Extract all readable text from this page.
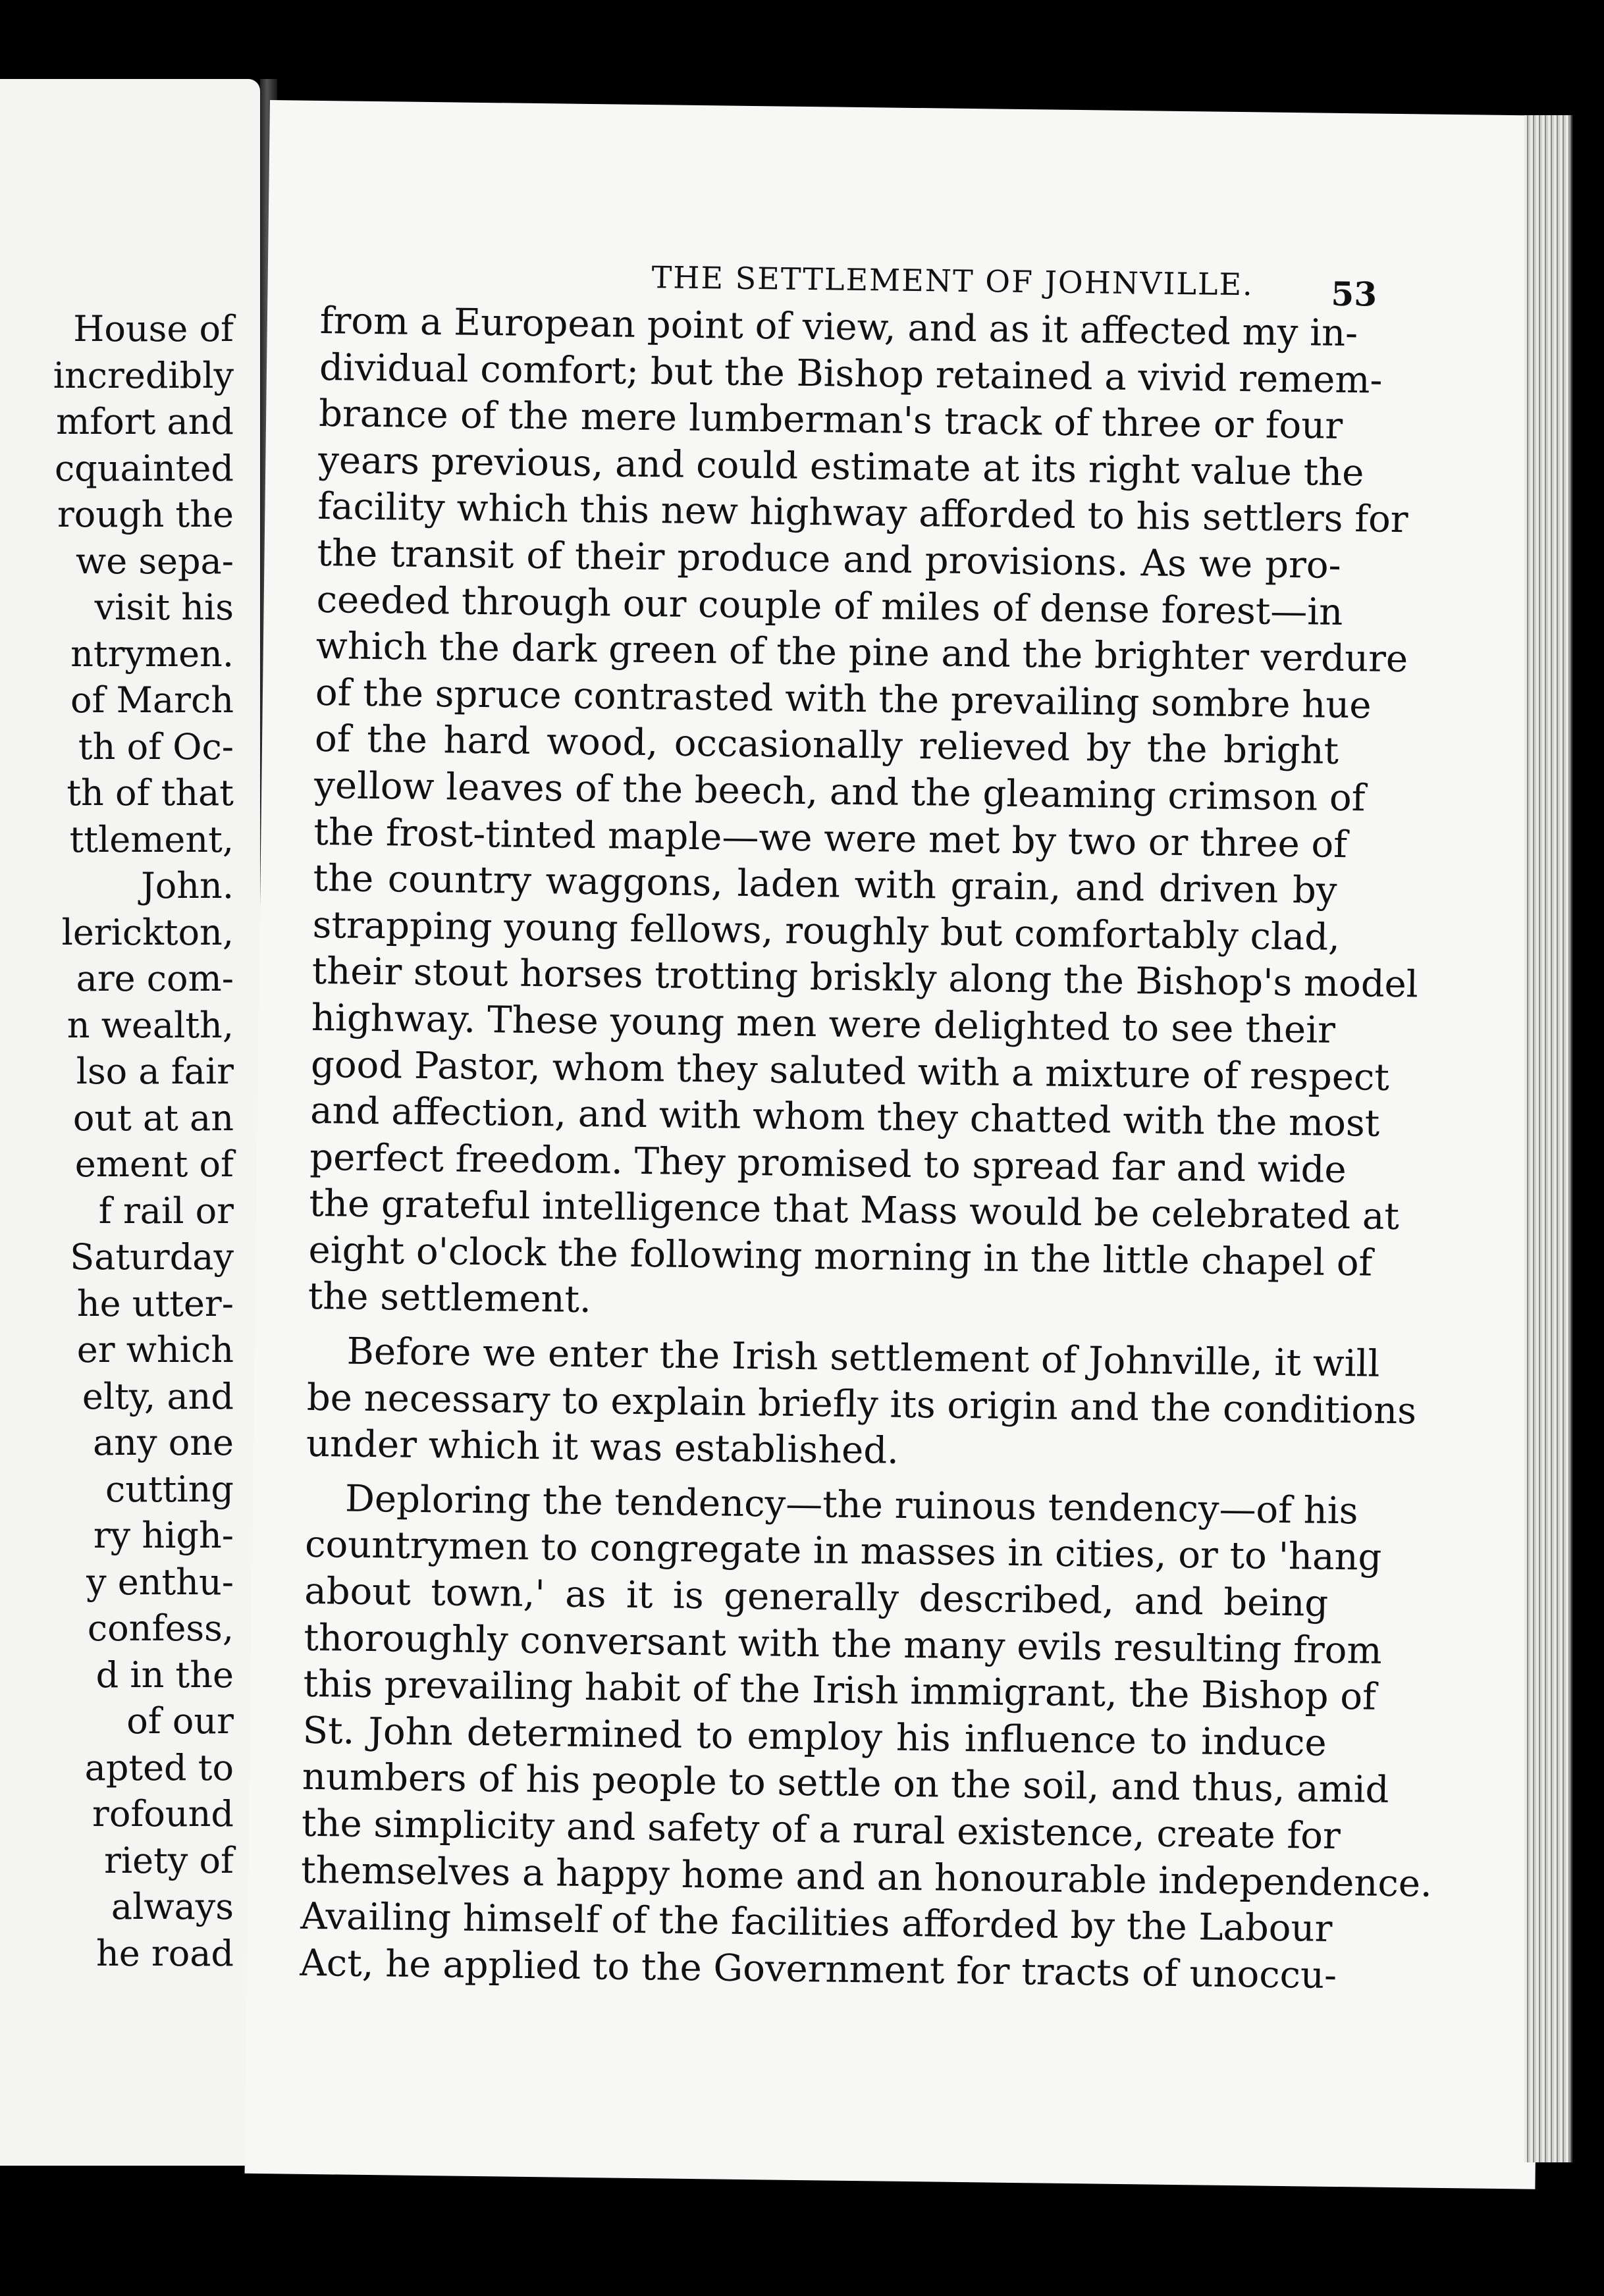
House of
incredibly
mfort and
cquainted
rough the
we sepa-
visit his
ntrymen.
of March
th of Oc-
th of that
ttlement,
John.
lerickton,
are com-
n wealth,
lso a fair
out at an
ement of
f rail or
Saturday
he utter-
er which
elty, and
any one
cutting
ry high-
y enthu-
confess,
d in the
of our
apted to
rofound
riety of
always
he road
THE SETTLEMENT OF JOHNVILLE.	53
from a European point of view, and as it affected my in-
dividual comfort; but the Bishop retained a vivid remem-
brance of the mere lumberman's track of three or four
years previous, and could estimate at its right value the
facility which this new highway afforded to his settlers for
the transit of their produce and provisions. As we pro-
ceeded through our couple of miles of dense forest—in
which the dark green of the pine and the brighter verdure
of the spruce contrasted with the prevailing sombre hue
of the hard wood, occasionally relieved by the bright
yellow leaves of the beech, and the gleaming crimson of
the frost-tinted maple—we were met by two or three of
the country waggons, laden with grain, and driven by
strapping young fellows, roughly but comfortably clad,
their stout horses trotting briskly along the Bishop's model
highway. These young men were delighted to see their
good Pastor, whom they saluted with a mixture of respect
and affection, and with whom they chatted with the most
perfect freedom. They promised to spread far and wide
the grateful intelligence that Mass would be celebrated at
eight o'clock the following morning in the little chapel of
the settlement.
Before we enter the Irish settlement of Johnville, it will
be necessary to explain briefly its origin and the conditions
under which it was established.
Deploring the tendency—the ruinous tendency—of his
countrymen to congregate in masses in cities, or to 'hang
about town,' as it is generally described, and being
thoroughly conversant with the many evils resulting from
this prevailing habit of the Irish immigrant, the Bishop of
St. John determined to employ his influence to induce
numbers of his people to settle on the soil, and thus, amid
the simplicity and safety of a rural existence, create for
themselves a happy home and an honourable independence.
Availing himself of the facilities afforded by the Labour
Act, he applied to the Government for tracts of unoccu-
